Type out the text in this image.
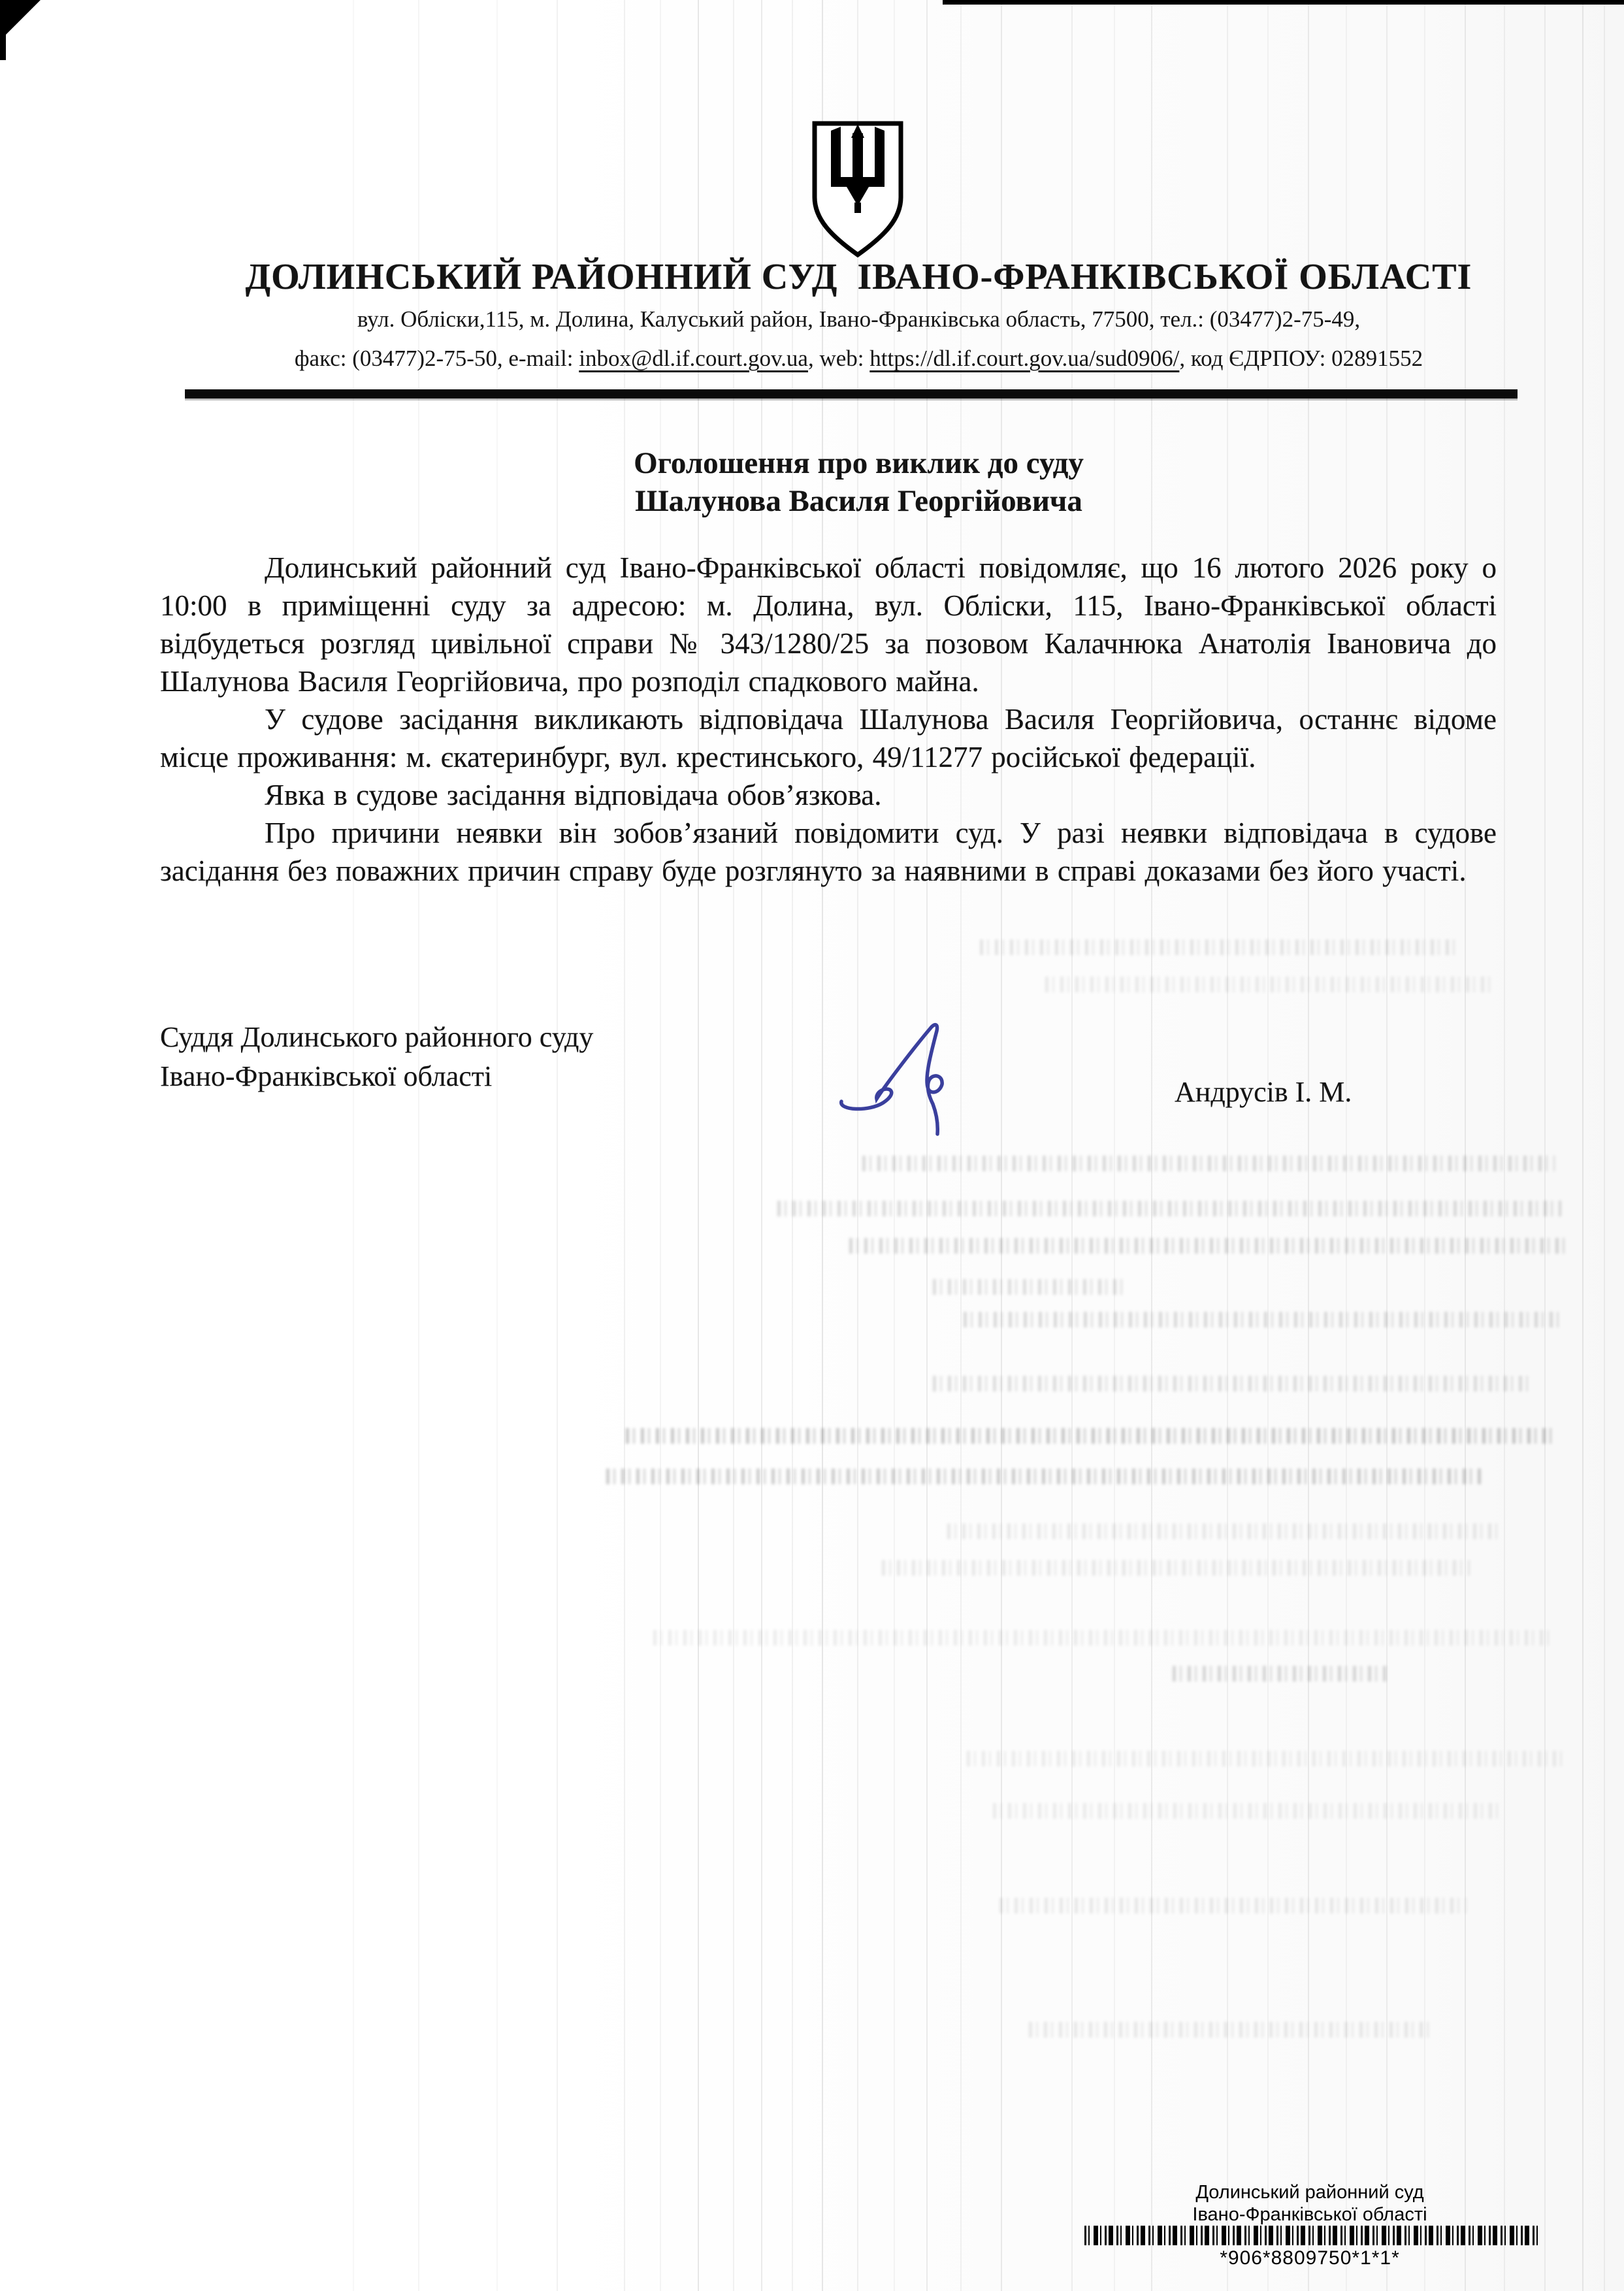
ДОЛИНСЬКИЙ РАЙОННИЙ СУД  ІВАНО-ФРАНКІВСЬКОЇ ОБЛАСТІ
вул. Обліски,115, м. Долина, Калуський район, Івано-Франківська область, 77500, тел.: (03477)2-75-49,
факс: (03477)2-75-50, e-mail: inbox@dl.if.court.gov.ua, web: https://dl.if.court.gov.ua/sud0906/, код ЄДРПОУ: 02891552
Оголошення про виклик до суду
Шалунова Василя Георгійовича

Долинський районний суд Івано-Франківської області повідомляє, що 16 лютого 2026 року о 10:00 в приміщенні суду за адресою: м. Долина, вул. Обліски, 115, Івано-Франківської області відбудеться розгляд цивільної справи № 343/1280/25 за позовом Калачнюка Анатолія Івановича до Шалунова Василя Георгійовича, про розподіл спадкового майна.

У судове засідання викликають відповідача Шалунова Василя Георгійовича, останнє відоме місце проживання: м. єкатеринбург, вул. крестинського, 49/11277 російської федерації.

Явка в судове засідання відповідача обов’язкова.

Про причини неявки він зобов’язаний повідомити суд. У разі неявки відповідача в судове засідання без поважних причин справу буде розглянуто за наявними в справі доказами без його участі.

Суддя Долинського районного суду
Івано-Франківської області	Андрусів І. М.
Долинський районний суд
Івано-Франківської області
*906*8809750*1*1*
